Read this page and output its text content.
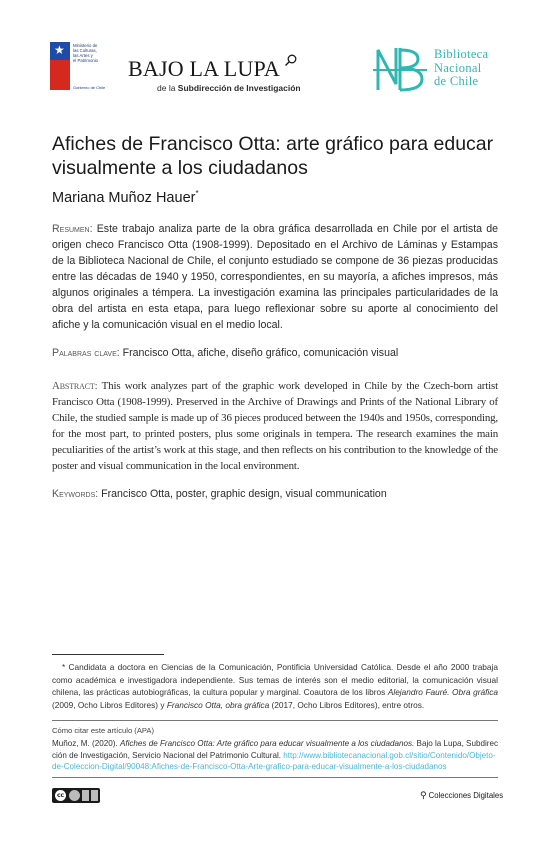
★ Ministerio de
las Culturas,
las Artes y
el Patrimonio
Gobierno de Chile
BAJO LA LUPA
de la Subdirección de Investigación
Biblioteca
Nacional
de Chile
Afiches de Francisco Otta: arte gráfico para educar visualmente a los ciudadanos
Mariana Muñoz Hauer*

Resumen: Este trabajo analiza parte de la obra gráfica desarrollada en Chile por el artista de origen checo Francisco Otta (1908-1999). Depositado en el Archivo de Láminas y Estampas de la Biblioteca Nacional de Chile, el conjunto estudiado se compone de 36 piezas producidas entre las décadas de 1940 y 1950, correspondientes, en su mayoría, a afiches impresos, más algunos originales a témpera. La investigación examina las principales particularidades de la obra del artista en esta etapa, para luego reflexionar sobre su aporte al conocimiento del afiche y la comunicación visual en el medio local.

Palabras clave: Francisco Otta, afiche, diseño gráfico, comunicación visual

Abstract: This work analyzes part of the graphic work developed in Chile by the Czech-born artist Francisco Otta (1908-1999). Preserved in the Archive of Drawings and Prints of the National Library of Chile, the studied sample is made up of 36 pieces produced between the 1940s and 1950s, corresponding, for the most part, to printed posters, plus some originals in tempera. The research examines the main peculiarities of the artist’s work at this stage, and then reflects on his contribution to the knowledge of the poster and visual communication in the local environment.

Keywords: Francisco Otta, poster, graphic design, visual communication

* Candidata a doctora en Ciencias de la Comunicación, Pontificia Universidad Católica. Desde el año 2000 trabaja como académica e investigadora independiente. Sus temas de interés son el medio editorial, la comunicación visual chilena, las prácticas autobiográficas, la cultura popular y marginal. Coautora de los libros Alejandro Fauré. Obra gráfica (2009, Ocho Libros Editores) y Francisco Otta, obra gráfica (2017, Ocho Libros Editores), entre otros.

Cómo citar este artículo (APA)

Muñoz, M. (2020). Afiches de Francisco Otta: Arte gráfico para educar visualmente a los ciudadanos. Bajo la Lupa, Subdirección de Investigación, Servicio Nacional del Patrimonio Cultural. http://www.bibliotecanacional.gob.cl/sitio/Contenido/Objeto-de-Coleccion-Digital/90048:Afiches-de-Francisco-Otta-Arte-grafico-para-educar-visualmente-a-los-ciudadanos

cc	⚲ Colecciones Digitales
